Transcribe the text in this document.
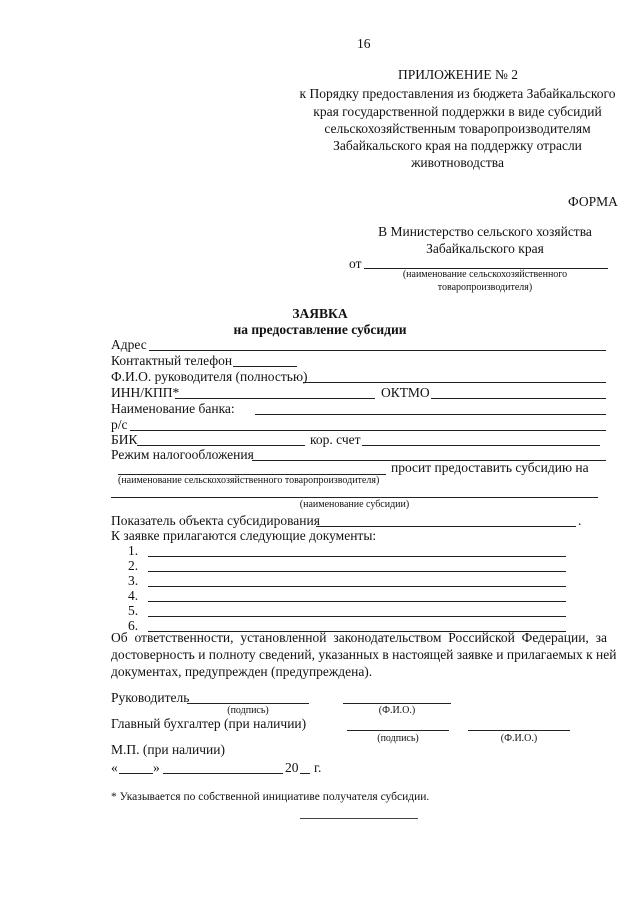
16
ПРИЛОЖЕНИЕ № 2
к Порядку предоставления из бюджета Забайкальского
края государственной поддержки в виде субсидий
сельскохозяйственным товаропроизводителям
Забайкальского края на поддержку отрасли
животноводства
ФОРМА
В Министерство сельского хозяйства
Забайкальского края
от
(наименование сельскохозяйственного
товаропроизводителя)
ЗАЯВКА
на предоставление субсидии
Адрес
Контактный телефон
Ф.И.О. руководителя (полностью)
ИНН/КПП*	ОКТМО
Наименование банка:
р/с
БИК	кор. счет
Режим налогообложения
просит предоставить субсидию на
(наименование сельскохозяйственного товаропроизводителя)
(наименование субсидии)
Показатель объекта субсидирования	.
К заявке прилагаются следующие документы:
1.
2.
3.
4.
5.
6.
Об ответственности, установленной законодательством Российской Федерации, за
достоверность и полноту сведений, указанных в настоящей заявке и прилагаемых к ней
документах, предупрежден (предупреждена).
Руководитель
(подпись)	(Ф.И.О.)
Главный бухгалтер (при наличии)
(подпись)	(Ф.И.О.)
М.П. (при наличии)
«	»	20 г.
* Указывается по собственной инициативе получателя субсидии.
